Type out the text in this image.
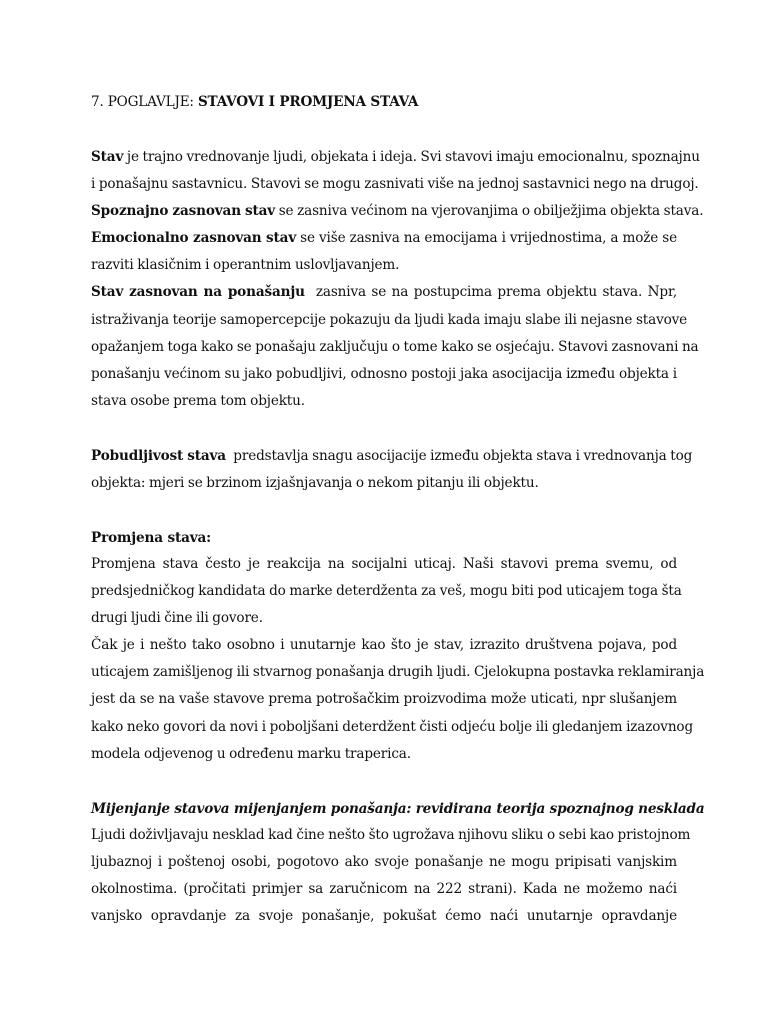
7. POGLAVLJE: STAVOVI I PROMJENA STAVA
Stav je trajno vrednovanje ljudi, objekata i ideja. Svi stavovi imaju emocionalnu, spoznajnu
i ponašajnu sastavnicu. Stavovi se mogu zasnivati više na jednoj sastavnici nego na drugoj.
Spoznajno zasnovan stav se zasniva većinom na vjerovanjima o obilježjima objekta stava.
Emocionalno zasnovan stav se više zasniva na emocijama i vrijednostima, a može se
razviti klasičnim i operantnim uslovljavanjem.
Stav zasnovan na ponašanju  zasniva se na postupcima prema objektu stava. Npr,
istraživanja teorije samopercepcije pokazuju da ljudi kada imaju slabe ili nejasne stavove
opažanjem toga kako se ponašaju zaključuju o tome kako se osjećaju. Stavovi zasnovani na
ponašanju većinom su jako pobudljivi, odnosno postoji jaka asocijacija između objekta i
stava osobe prema tom objektu.
Pobudljivost stava  predstavlja snagu asocijacije između objekta stava i vrednovanja tog
objekta: mjeri se brzinom izjašnjavanja o nekom pitanju ili objektu.
Promjena stava:
Promjena stava često je reakcija na socijalni uticaj. Naši stavovi prema svemu, od
predsjedničkog kandidata do marke deterdženta za veš, mogu biti pod uticajem toga šta
drugi ljudi čine ili govore.
Čak je i nešto tako osobno i unutarnje kao što je stav, izrazito društvena pojava, pod
uticajem zamišljenog ili stvarnog ponašanja drugih ljudi. Cjelokupna postavka reklamiranja
jest da se na vaše stavove prema potrošačkim proizvodima može uticati, npr slušanjem
kako neko govori da novi i poboljšani deterdžent čisti odjeću bolje ili gledanjem izazovnog
modela odjevenog u određenu marku traperica.
Mijenjanje stavova mijenjanjem ponašanja: revidirana teorija spoznajnog nesklada
Ljudi doživljavaju nesklad kad čine nešto što ugrožava njihovu sliku o sebi kao pristojnom
ljubaznoj i poštenoj osobi, pogotovo ako svoje ponašanje ne mogu pripisati vanjskim
okolnostima. (pročitati primjer sa zaručnicom na 222 strani). Kada ne možemo naći
vanjsko opravdanje za svoje ponašanje, pokušat ćemo naći unutarnje opravdanje
